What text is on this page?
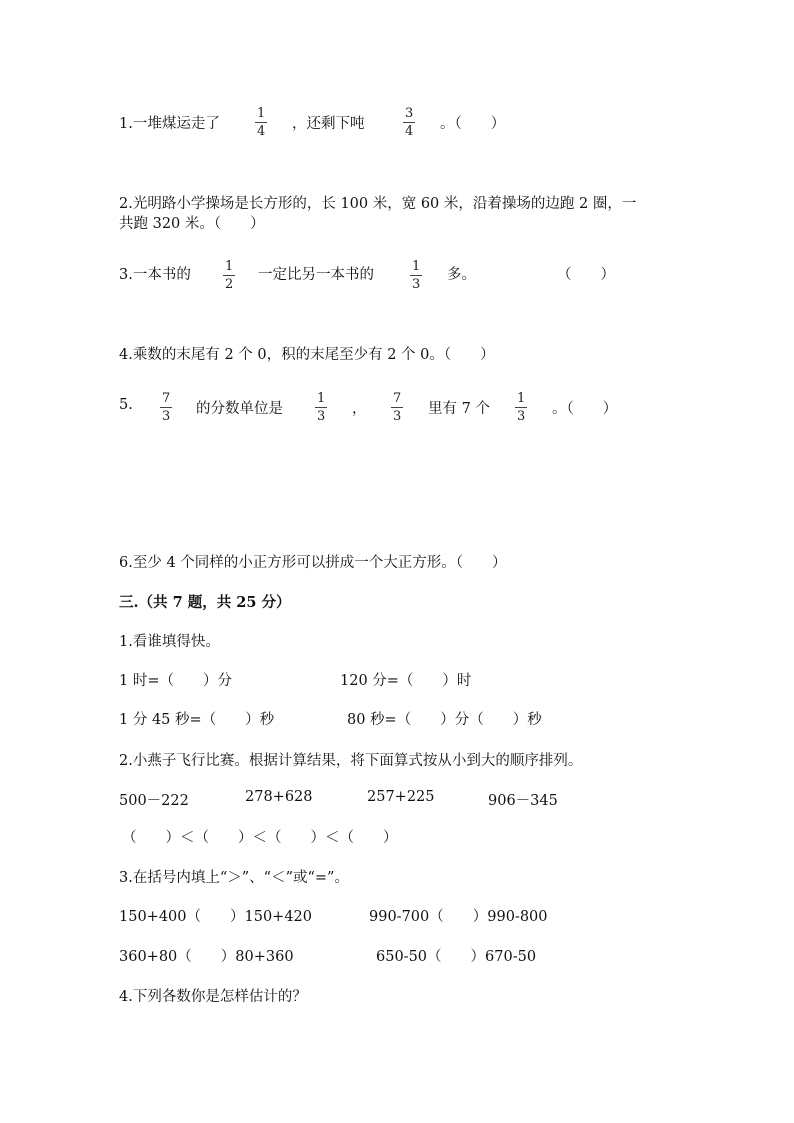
1.一堆煤运走了
1
4 ，还剩下吨
3
4 。（　　）
2.光明路小学操场是长方形的，长 100 米，宽 60 米，沿着操场的边跑 2 圈，一
共跑 320 米。（　　）
3.一本书的
1
2
一定比另一本书的
1
3
多。	（　　）
4.乘数的末尾有 2 个 0，积的末尾至少有 2 个 0。（　　）
5. 7
3 的分数单位是
1
3 ，
7
3 里有 7 个
1
3 。（　　）
6.至少 4 个同样的小正方形可以拼成一个大正方形。（　　）
三.（共 7 题，共 25 分）
1.看谁填得快。
1 时=（　　）分	120 分=（　　）时
1 分 45 秒=（　　）秒	80 秒=（　　）分（　　）秒
2.小燕子飞行比赛。根据计算结果，将下面算式按从小到大的顺序排列。
500－222	278+628	257+225	906－345
（　　）＜（　　）＜（　　）＜（　　）
3.在括号内填上“＞”、“＜”或“=”。
150+400（　　）150+420	990-700（　　）990-800
360+80（　　）80+360	650-50（　　）670-50
4.下列各数你是怎样估计的？
